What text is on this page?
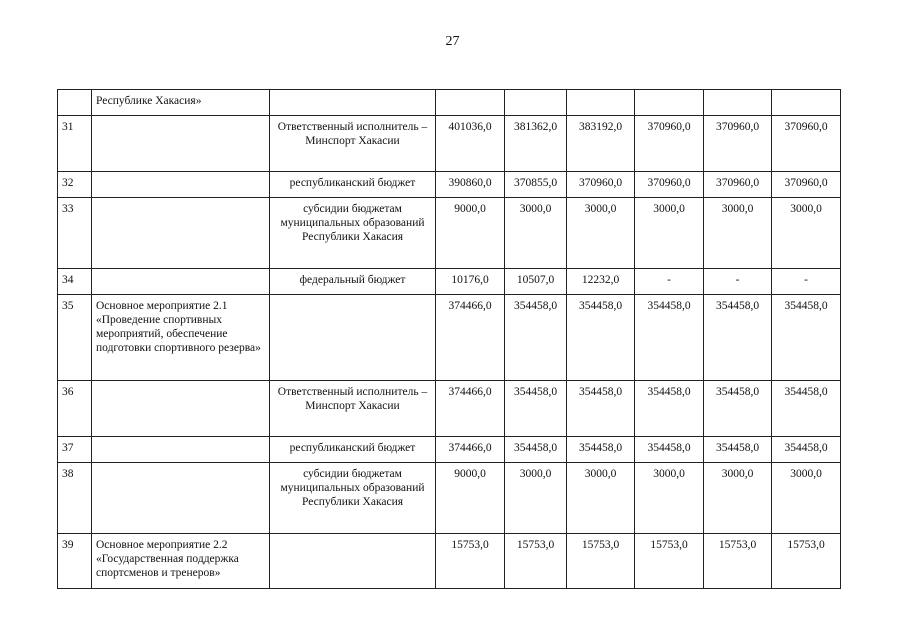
27
	Республике Хакасия»							
31		Ответственный исполнитель – Минспорт Хакасии	401036,0	381362,0	383192,0	370960,0	370960,0	370960,0
32		республиканский бюджет	390860,0	370855,0	370960,0	370960,0	370960,0	370960,0
33		субсидии бюджетам муниципальных образований Республики Хакасия	9000,0	3000,0	3000,0	3000,0	3000,0	3000,0
34		федеральный бюджет	10176,0	10507,0	12232,0	-	-	-
35	Основное мероприятие 2.1 «Проведение спортивных мероприятий, обеспечение подготовки спортивного резерва»		374466,0	354458,0	354458,0	354458,0	354458,0	354458,0
36		Ответственный исполнитель – Минспорт Хакасии	374466,0	354458,0	354458,0	354458,0	354458,0	354458,0
37		республиканский бюджет	374466,0	354458,0	354458,0	354458,0	354458,0	354458,0
38		субсидии бюджетам муниципальных образований Республики Хакасия	9000,0	3000,0	3000,0	3000,0	3000,0	3000,0
39	Основное мероприятие 2.2 «Государственная поддержка спортсменов и тренеров»		15753,0	15753,0	15753,0	15753,0	15753,0	15753,0
